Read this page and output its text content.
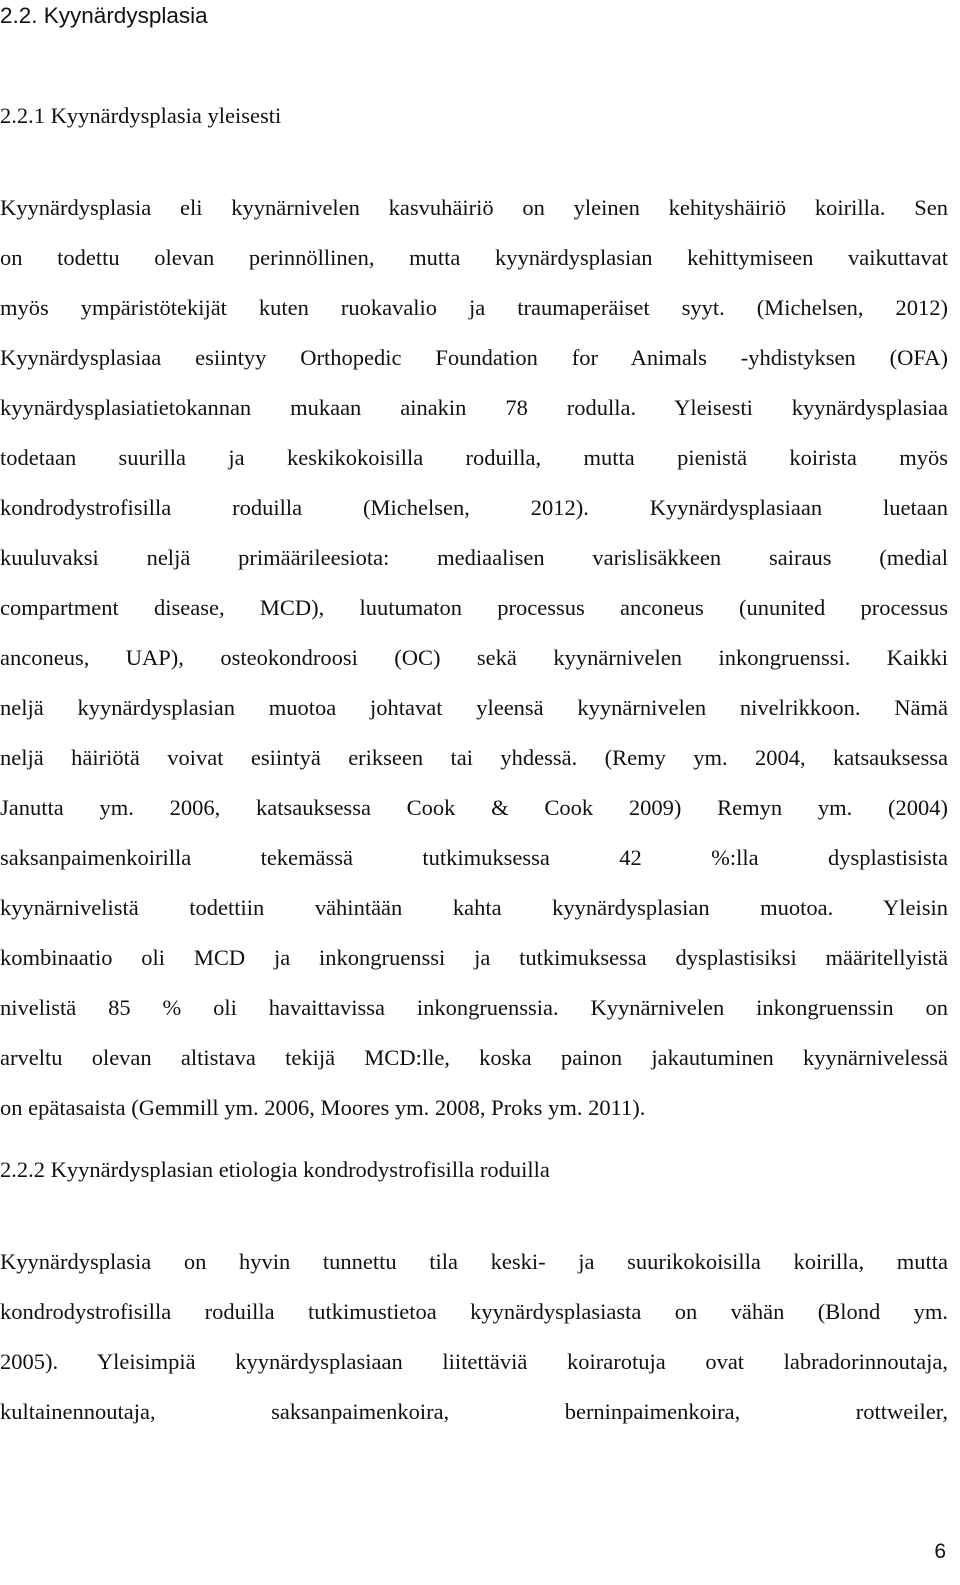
2.2. Kyynärdysplasia
2.2.1 Kyynärdysplasia yleisesti
Kyynärdysplasia eli kyynärnivelen kasvuhäiriö on yleinen kehityshäiriö koirilla. Sen
on todettu olevan perinnöllinen, mutta kyynärdysplasian kehittymiseen vaikuttavat
myös ympäristötekijät kuten ruokavalio ja traumaperäiset syyt. (Michelsen, 2012)
Kyynärdysplasiaa esiintyy Orthopedic Foundation for Animals -yhdistyksen (OFA)
kyynärdysplasiatietokannan mukaan ainakin 78 rodulla. Yleisesti kyynärdysplasiaa
todetaan suurilla ja keskikokoisilla roduilla, mutta pienistä koirista myös
kondrodystrofisilla roduilla (Michelsen, 2012). Kyynärdysplasiaan luetaan
kuuluvaksi neljä primäärileesiota: mediaalisen varislisäkkeen sairaus (medial
compartment disease, MCD), luutumaton processus anconeus (ununited processus
anconeus, UAP), osteokondroosi (OC) sekä kyynärnivelen inkongruenssi. Kaikki
neljä kyynärdysplasian muotoa johtavat yleensä kyynärnivelen nivelrikkoon. Nämä
neljä häiriötä voivat esiintyä erikseen tai yhdessä. (Remy ym. 2004, katsauksessa
Janutta ym. 2006, katsauksessa Cook & Cook 2009) Remyn ym. (2004)
saksanpaimenkoirilla tekemässä tutkimuksessa 42 %:lla dysplastisista
kyynärnivelistä todettiin vähintään kahta kyynärdysplasian muotoa. Yleisin
kombinaatio oli MCD ja inkongruenssi ja tutkimuksessa dysplastisiksi määritellyistä
nivelistä 85 % oli havaittavissa inkongruenssia. Kyynärnivelen inkongruenssin on
arveltu olevan altistava tekijä MCD:lle, koska painon jakautuminen kyynärnivelessä
on epätasaista (Gemmill ym. 2006, Moores ym. 2008, Proks ym. 2011).
2.2.2 Kyynärdysplasian etiologia kondrodystrofisilla roduilla
Kyynärdysplasia on hyvin tunnettu tila keski- ja suurikokoisilla koirilla, mutta
kondrodystrofisilla roduilla tutkimustietoa kyynärdysplasiasta on vähän (Blond ym.
2005). Yleisimpiä kyynärdysplasiaan liitettäviä koirarotuja ovat labradorinnoutaja,
kultainennoutaja, saksanpaimenkoira, berninpaimenkoira, rottweiler,
6
